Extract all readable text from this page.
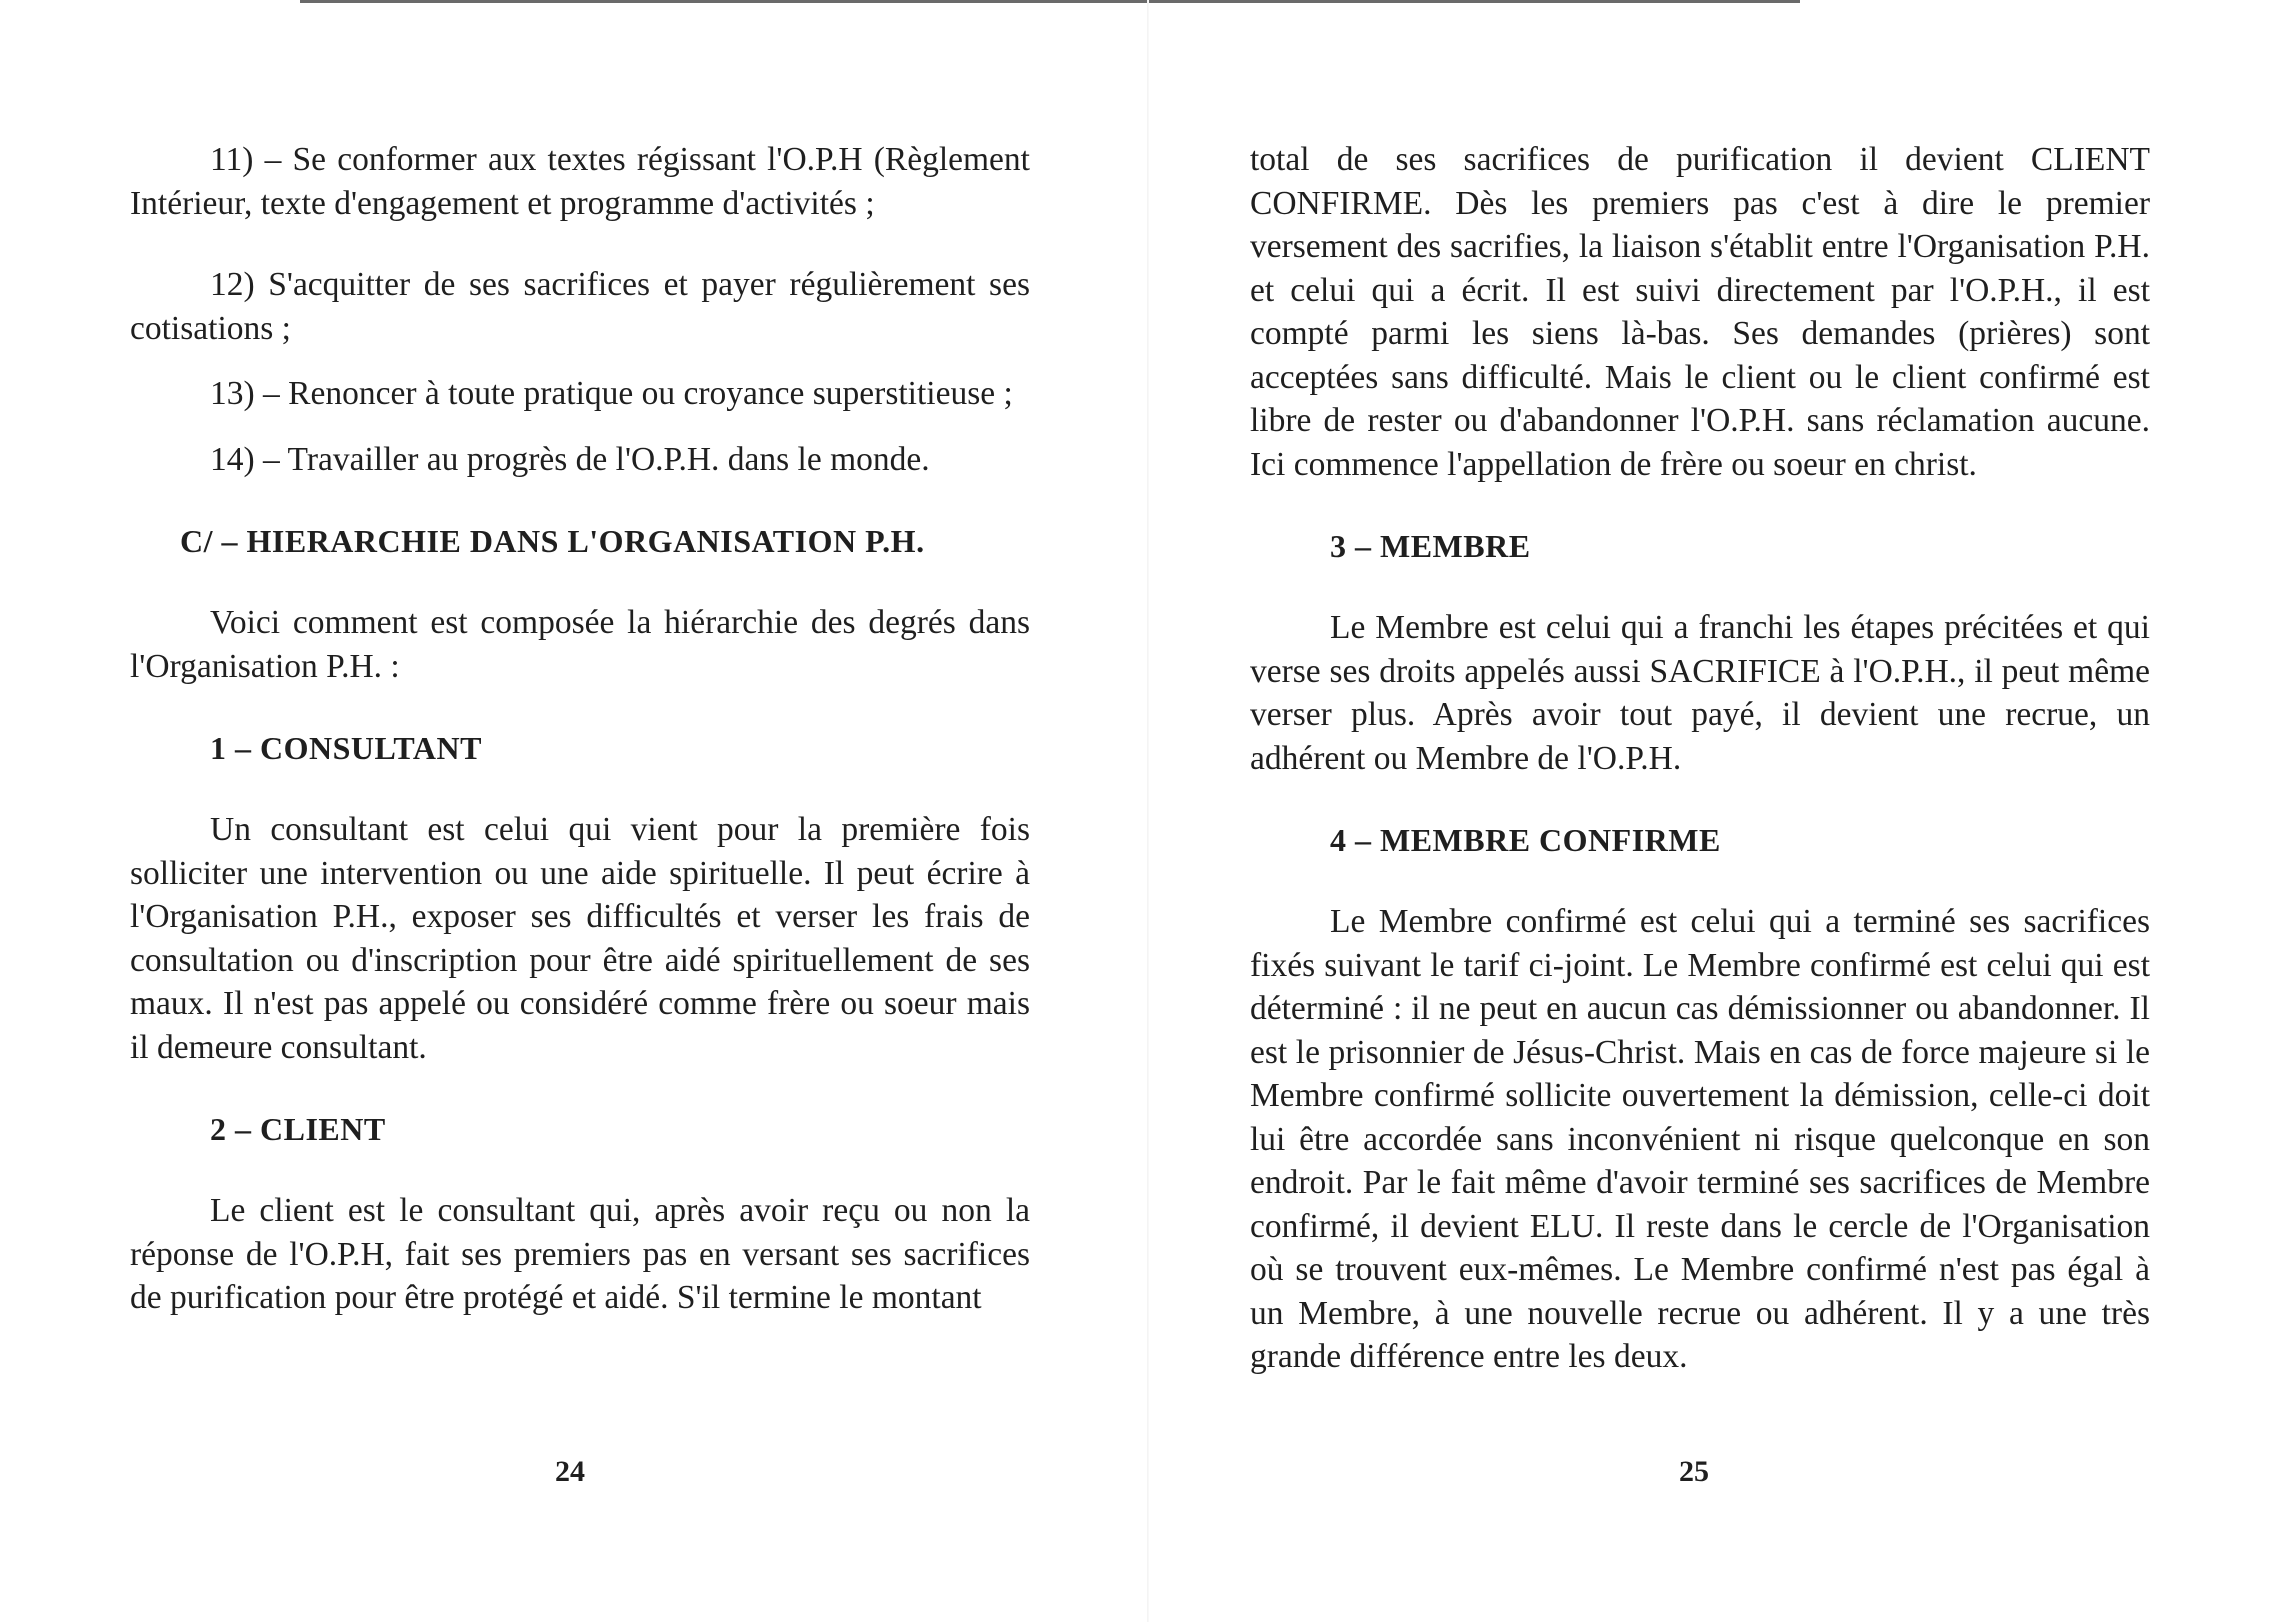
11) – Se conformer aux textes régissant l'O.P.H (Règlement Intérieur, texte d'engagement et programme d'activités ;

12) S'acquitter de ses sacrifices et payer régulièrement ses cotisations ;

13) – Renoncer à toute pratique ou croyance superstitieuse ;

14) – Travailler au progrès de l'O.P.H. dans le monde.

C/ – HIERARCHIE DANS L'ORGANISATION P.H.

Voici comment est composée la hiérarchie des degrés dans l'Organisation P.H. :

1 – CONSULTANT

Un consultant est celui qui vient pour la première fois solliciter une intervention ou une aide spirituelle. Il peut écrire à l'Organisation P.H., exposer ses difficultés et verser les frais de consultation ou d'inscription pour être aidé spirituellement de ses maux. Il n'est pas appelé ou considéré comme frère ou soeur mais il demeure consultant.

2 – CLIENT

Le client est le consultant qui, après avoir reçu ou non la réponse de l'O.P.H, fait ses premiers pas en versant ses sacrifices de purification pour être protégé et aidé. S'il termine le montant

24

total de ses sacrifices de purification il devient CLIENT CONFIRME. Dès les premiers pas c'est à dire le premier versement des sacrifies, la liaison s'établit entre l'Organisation P.H. et celui qui a écrit. Il est suivi directement par l'O.P.H., il est compté parmi les siens là-bas. Ses demandes (prières) sont acceptées sans difficulté. Mais le client ou le client confirmé est libre de rester ou d'abandonner l'O.P.H. sans réclamation aucune. Ici commence l'appellation de frère ou soeur en christ.

3 – MEMBRE

Le Membre est celui qui a franchi les étapes précitées et qui verse ses droits appelés aussi SACRIFICE à l'O.P.H., il peut même verser plus. Après avoir tout payé, il devient une recrue, un adhérent ou Membre de l'O.P.H.

4 – MEMBRE CONFIRME

Le Membre confirmé est celui qui a terminé ses sacrifices fixés suivant le tarif ci-joint. Le Membre confirmé est celui qui est déterminé : il ne peut en aucun cas démissionner ou abandonner. Il est le prisonnier de Jésus-Christ. Mais en cas de force majeure si le Membre confirmé sollicite ouvertement la démission, celle-ci doit lui être accordée sans inconvénient ni risque quelconque en son endroit. Par le fait même d'avoir terminé ses sacrifices de Membre confirmé, il devient ELU. Il reste dans le cercle de l'Organisation où se trouvent eux-mêmes. Le Membre confirmé n'est pas égal à un Membre, à une nouvelle recrue ou adhérent. Il y a une très grande différence entre les deux.

25
